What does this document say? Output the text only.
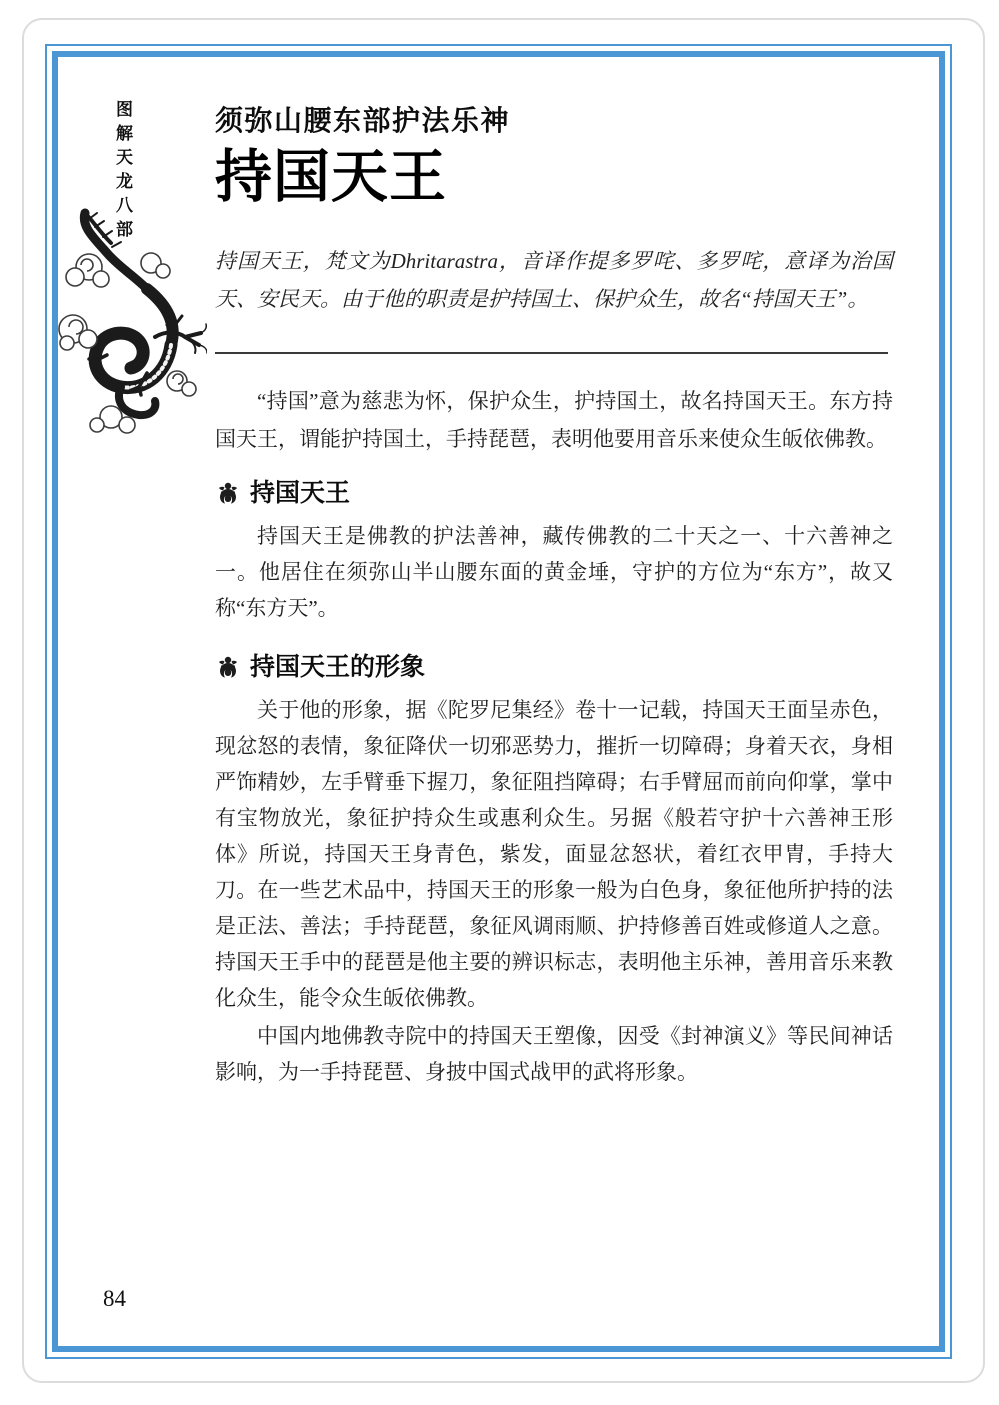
图解天龙八部	须弥山腰东部护法乐神
持国天王

持国天王，梵文为Dhritarastra，音译作提多罗咤、多罗咤，意译为治国天、安民天。由于他的职责是护持国土、保护众生，故名“持国天王”。

“持国”意为慈悲为怀，保护众生，护持国土，故名持国天王。东方持国天王，谓能护持国土，手持琵琶，表明他要用音乐来使众生皈依佛教。

持国天王

持国天王是佛教的护法善神，藏传佛教的二十天之一、十六善神之一。他居住在须弥山半山腰东面的黄金埵，守护的方位为“东方”，故又称“东方天”。

持国天王的形象

关于他的形象，据《陀罗尼集经》卷十一记载，持国天王面呈赤色，现忿怒的表情，象征降伏一切邪恶势力，摧折一切障碍；身着天衣，身相严饰精妙，左手臂垂下握刀，象征阻挡障碍；右手臂屈而前向仰掌，掌中有宝物放光，象征护持众生或惠利众生。另据《般若守护十六善神王形体》所说，持国天王身青色，紫发，面显忿怒状，着红衣甲胄，手持大刀。在一些艺术品中，持国天王的形象一般为白色身，象征他所护持的法是正法、善法；手持琵琶，象征风调雨顺、护持修善百姓或修道人之意。持国天王手中的琵琶是他主要的辨识标志，表明他主乐神，善用音乐来教化众生，能令众生皈依佛教。

中国内地佛教寺院中的持国天王塑像，因受《封神演义》等民间神话影响，为一手持琵琶、身披中国式战甲的武将形象。

84
